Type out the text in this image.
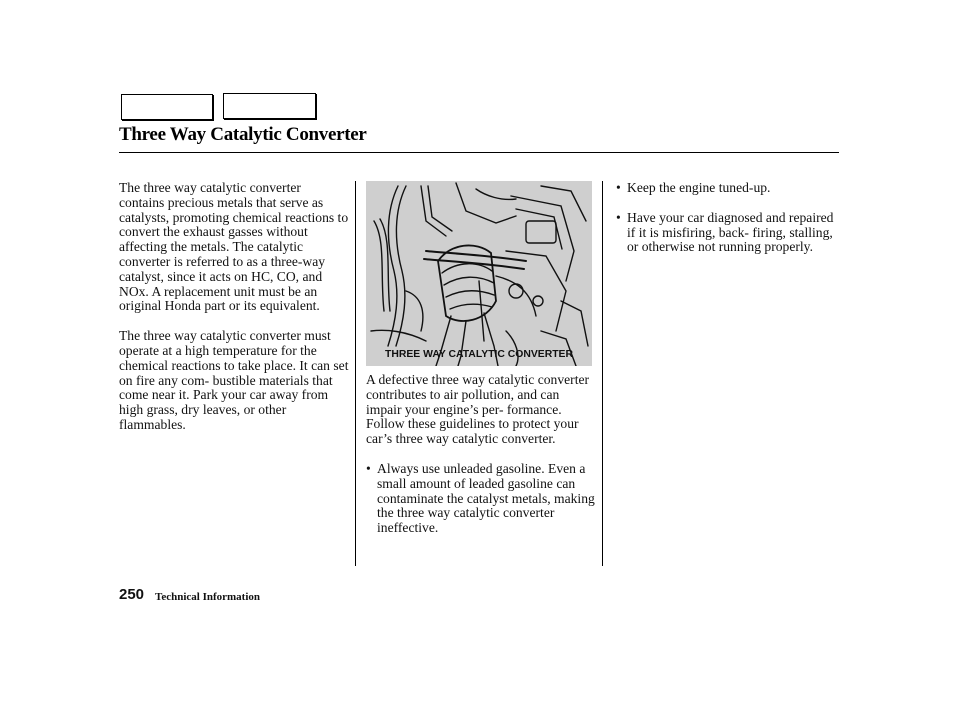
Three Way Catalytic Converter

The three way catalytic converter contains precious metals that serve as catalysts, promoting chemical reactions to convert the exhaust gasses without affecting the metals. The catalytic converter is referred to as a three-way catalyst, since it acts on HC, CO, and NOx. A replacement unit must be an original Honda part or its equivalent.

The three way catalytic converter must operate at a high temperature for the chemical reactions to take place. It can set on fire any com- bustible materials that come near it. Park your car away from high grass, dry leaves, or other flammables.

THREE WAY CATALYTIC CONVERTER

A defective three way catalytic converter contributes to air pollution, and can impair your engine’s per- formance. Follow these guidelines to protect your car’s three way catalytic converter.

• Always use unleaded gasoline. Even a small amount of leaded gasoline can contaminate the catalyst metals, making the three way catalytic converter ineffective.
• Keep the engine tuned-up.
• Have your car diagnosed and repaired if it is misfiring, back- firing, stalling, or otherwise not running properly.
250 Technical Information
